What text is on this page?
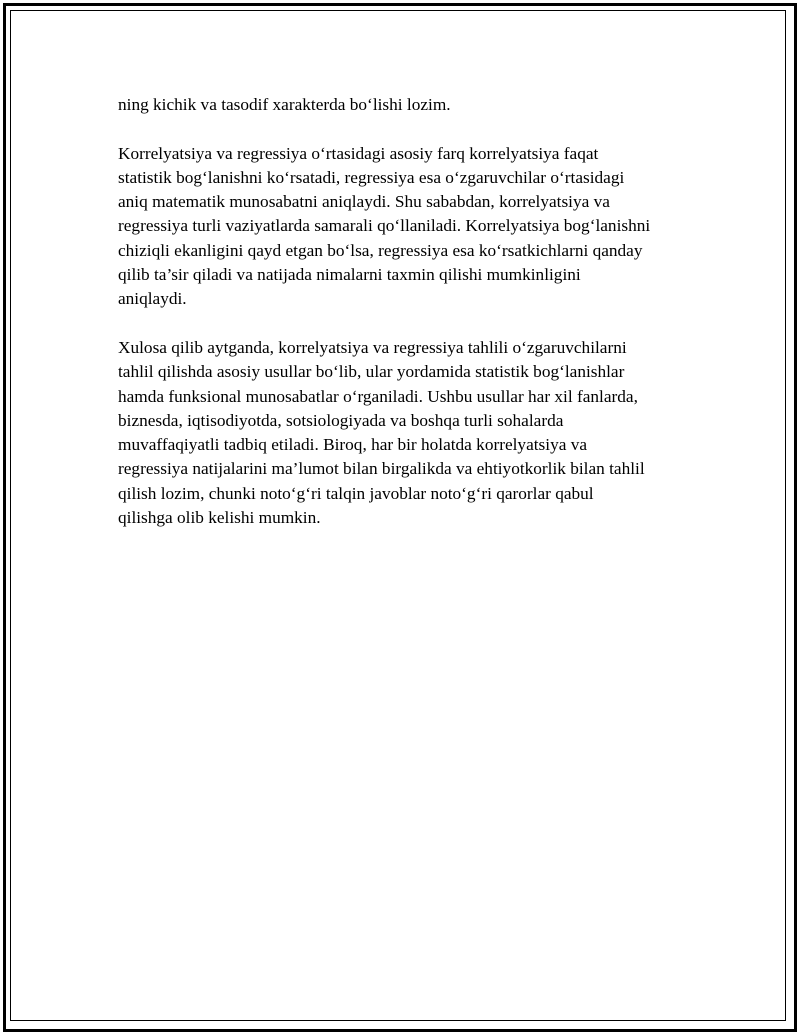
ning kichik va tasodif xarakterda bo‘lishi lozim.

Korrelyatsiya va regressiya o‘rtasidagi asosiy farq korrelyatsiya faqat
statistik bog‘lanishni ko‘rsatadi, regressiya esa o‘zgaruvchilar o‘rtasidagi
aniq matematik munosabatni aniqlaydi. Shu sababdan, korrelyatsiya va
regressiya turli vaziyatlarda samarali qo‘llaniladi. Korrelyatsiya bog‘lanishni
chiziqli ekanligini qayd etgan bo‘lsa, regressiya esa ko‘rsatkichlarni qanday
qilib ta’sir qiladi va natijada nimalarni taxmin qilishi mumkinligini
aniqlaydi.

Xulosa qilib aytganda, korrelyatsiya va regressiya tahlili o‘zgaruvchilarni
tahlil qilishda asosiy usullar bo‘lib, ular yordamida statistik bog‘lanishlar
hamda funksional munosabatlar o‘rganiladi. Ushbu usullar har xil fanlarda,
biznesda, iqtisodiyotda, sotsiologiyada va boshqa turli sohalarda
muvaffaqiyatli tadbiq etiladi. Biroq, har bir holatda korrelyatsiya va
regressiya natijalarini ma’lumot bilan birgalikda va ehtiyotkorlik bilan tahlil
qilish lozim, chunki noto‘g‘ri talqin javoblar noto‘g‘ri qarorlar qabul
qilishga olib kelishi mumkin.
